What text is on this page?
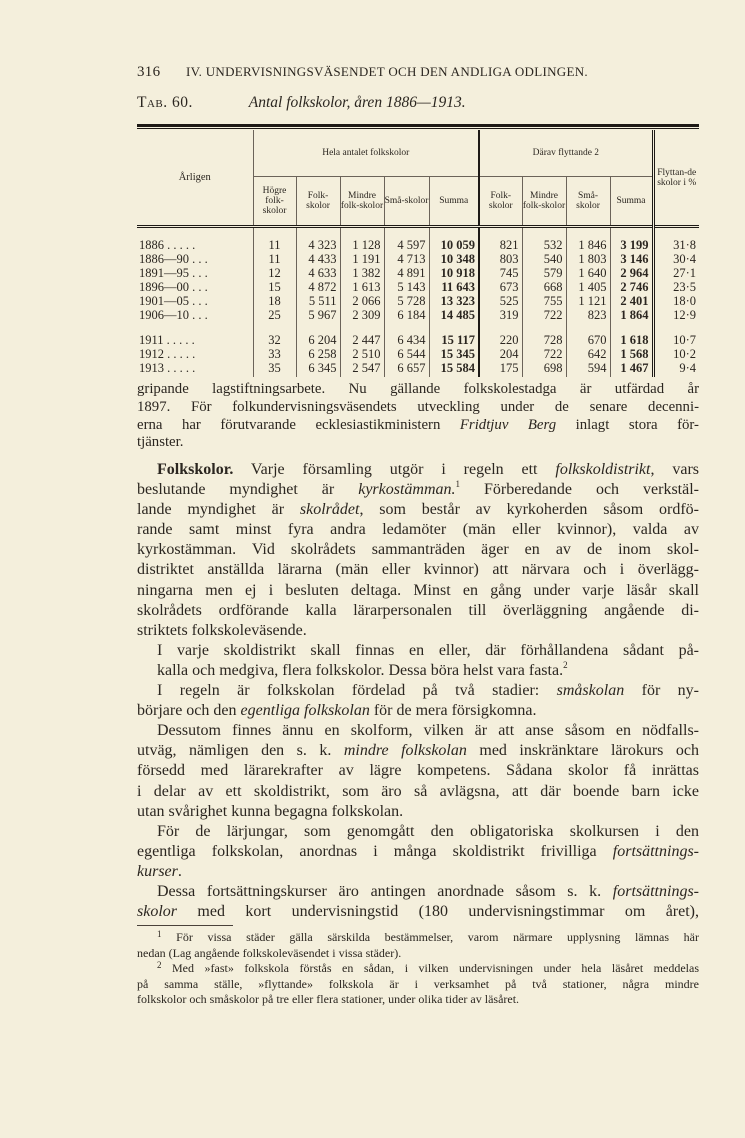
316 IV. UNDERVISNINGSVÄSENDET OCH DEN ANDLIGA ODLINGEN.
Tab. 60.	Antal folkskolor, åren 1886—1913.
Årligen	Hela antalet folkskolor					Därav flyttande $^2$				Flyttan-de skolor i %
	Högre folk-skolor	Folk-skolor	Mindre folk-skolor	Små-skolor	Summa	Folk-skolor	Mindre folk-skolor	Små-skolor	Summa	

1886 . . . . .	11	4 323	1 128	4 597	10 059	821	532	1 846	3 199	31·8
1886—90 . . .	11	4 433	1 191	4 713	10 348	803	540	1 803	3 146	30·4
1891—95 . . .	12	4 633	1 382	4 891	10 918	745	579	1 640	2 964	27·1
1896—00 . . .	15	4 872	1 613	5 143	11 643	673	668	1 405	2 746	23·5
1901—05 . . .	18	5 511	2 066	5 728	13 323	525	755	1 121	2 401	18·0
1906—10 . . .	25	5 967	2 309	6 184	14 485	319	722	823	1 864	12·9

1911 . . . . .	32	6 204	2 447	6 434	15 117	220	728	670	1 618	10·7
1912 . . . . .	33	6 258	2 510	6 544	15 345	204	722	642	1 568	10·2
1913 . . . . .	35	6 345	2 547	6 657	15 584	175	698	594	1 467	9·4

gripande lagstiftningsarbete. Nu gällande folkskolestadga är utfärdad år
1897. För folkundervisningsväsendets utveckling under de senare decenni-
erna har förutvarande ecklesiastikministern Fridtjuv Berg inlagt stora för-
tjänster.
Folkskolor. Varje församling utgör i regeln ett folkskoldistrikt, vars
beslutande myndighet är kyrkostämman.$^1$ Förberedande och verkstäl-
lande myndighet är skolrådet, som består av kyrkoherden såsom ordfö-
rande samt minst fyra andra ledamöter (män eller kvinnor), valda av
kyrkostämman. Vid skolrådets sammanträden äger en av de inom skol-
distriktet anställda lärarna (män eller kvinnor) att närvara och i överlägg-
ningarna men ej i besluten deltaga. Minst en gång under varje läsår skall
skolrådets ordförande kalla lärarpersonalen till överläggning angående di-
striktets folkskoleväsende.
I varje skoldistrikt skall finnas en eller, där förhållandena sådant på-
kalla och medgiva, flera folkskolor. Dessa böra helst vara fasta.$^2$
I regeln är folkskolan fördelad på två stadier: småskolan för ny-
börjare och den egentliga folkskolan för de mera försigkomna.
Dessutom finnes ännu en skolform, vilken är att anse såsom en nödfalls-
utväg, nämligen den s. k. mindre folkskolan med inskränktare lärokurs och
försedd med lärarekrafter av lägre kompetens. Sådana skolor få inrättas
i delar av ett skoldistrikt, som äro så avlägsna, att där boende barn icke
utan svårighet kunna begagna folkskolan.
För de lärjungar, som genomgått den obligatoriska skolkursen i den
egentliga folkskolan, anordnas i många skoldistrikt frivilliga fortsättnings-
kurser.
Dessa fortsättningskurser äro antingen anordnade såsom s. k. fortsättnings-
skolor med kort undervisningstid (180 undervisningstimmar om året),
$^1$ För vissa städer gälla särskilda bestämmelser, varom närmare upplysning lämnas här
nedan (Lag angående folkskoleväsendet i vissa städer).
$^2$ Med »fast» folkskola förstås en sådan, i vilken undervisningen under hela läsåret meddelas
på samma ställe, »flyttande» folkskola är i verksamhet på två stationer, några mindre
folkskolor och småskolor på tre eller flera stationer, under olika tider av läsåret.
